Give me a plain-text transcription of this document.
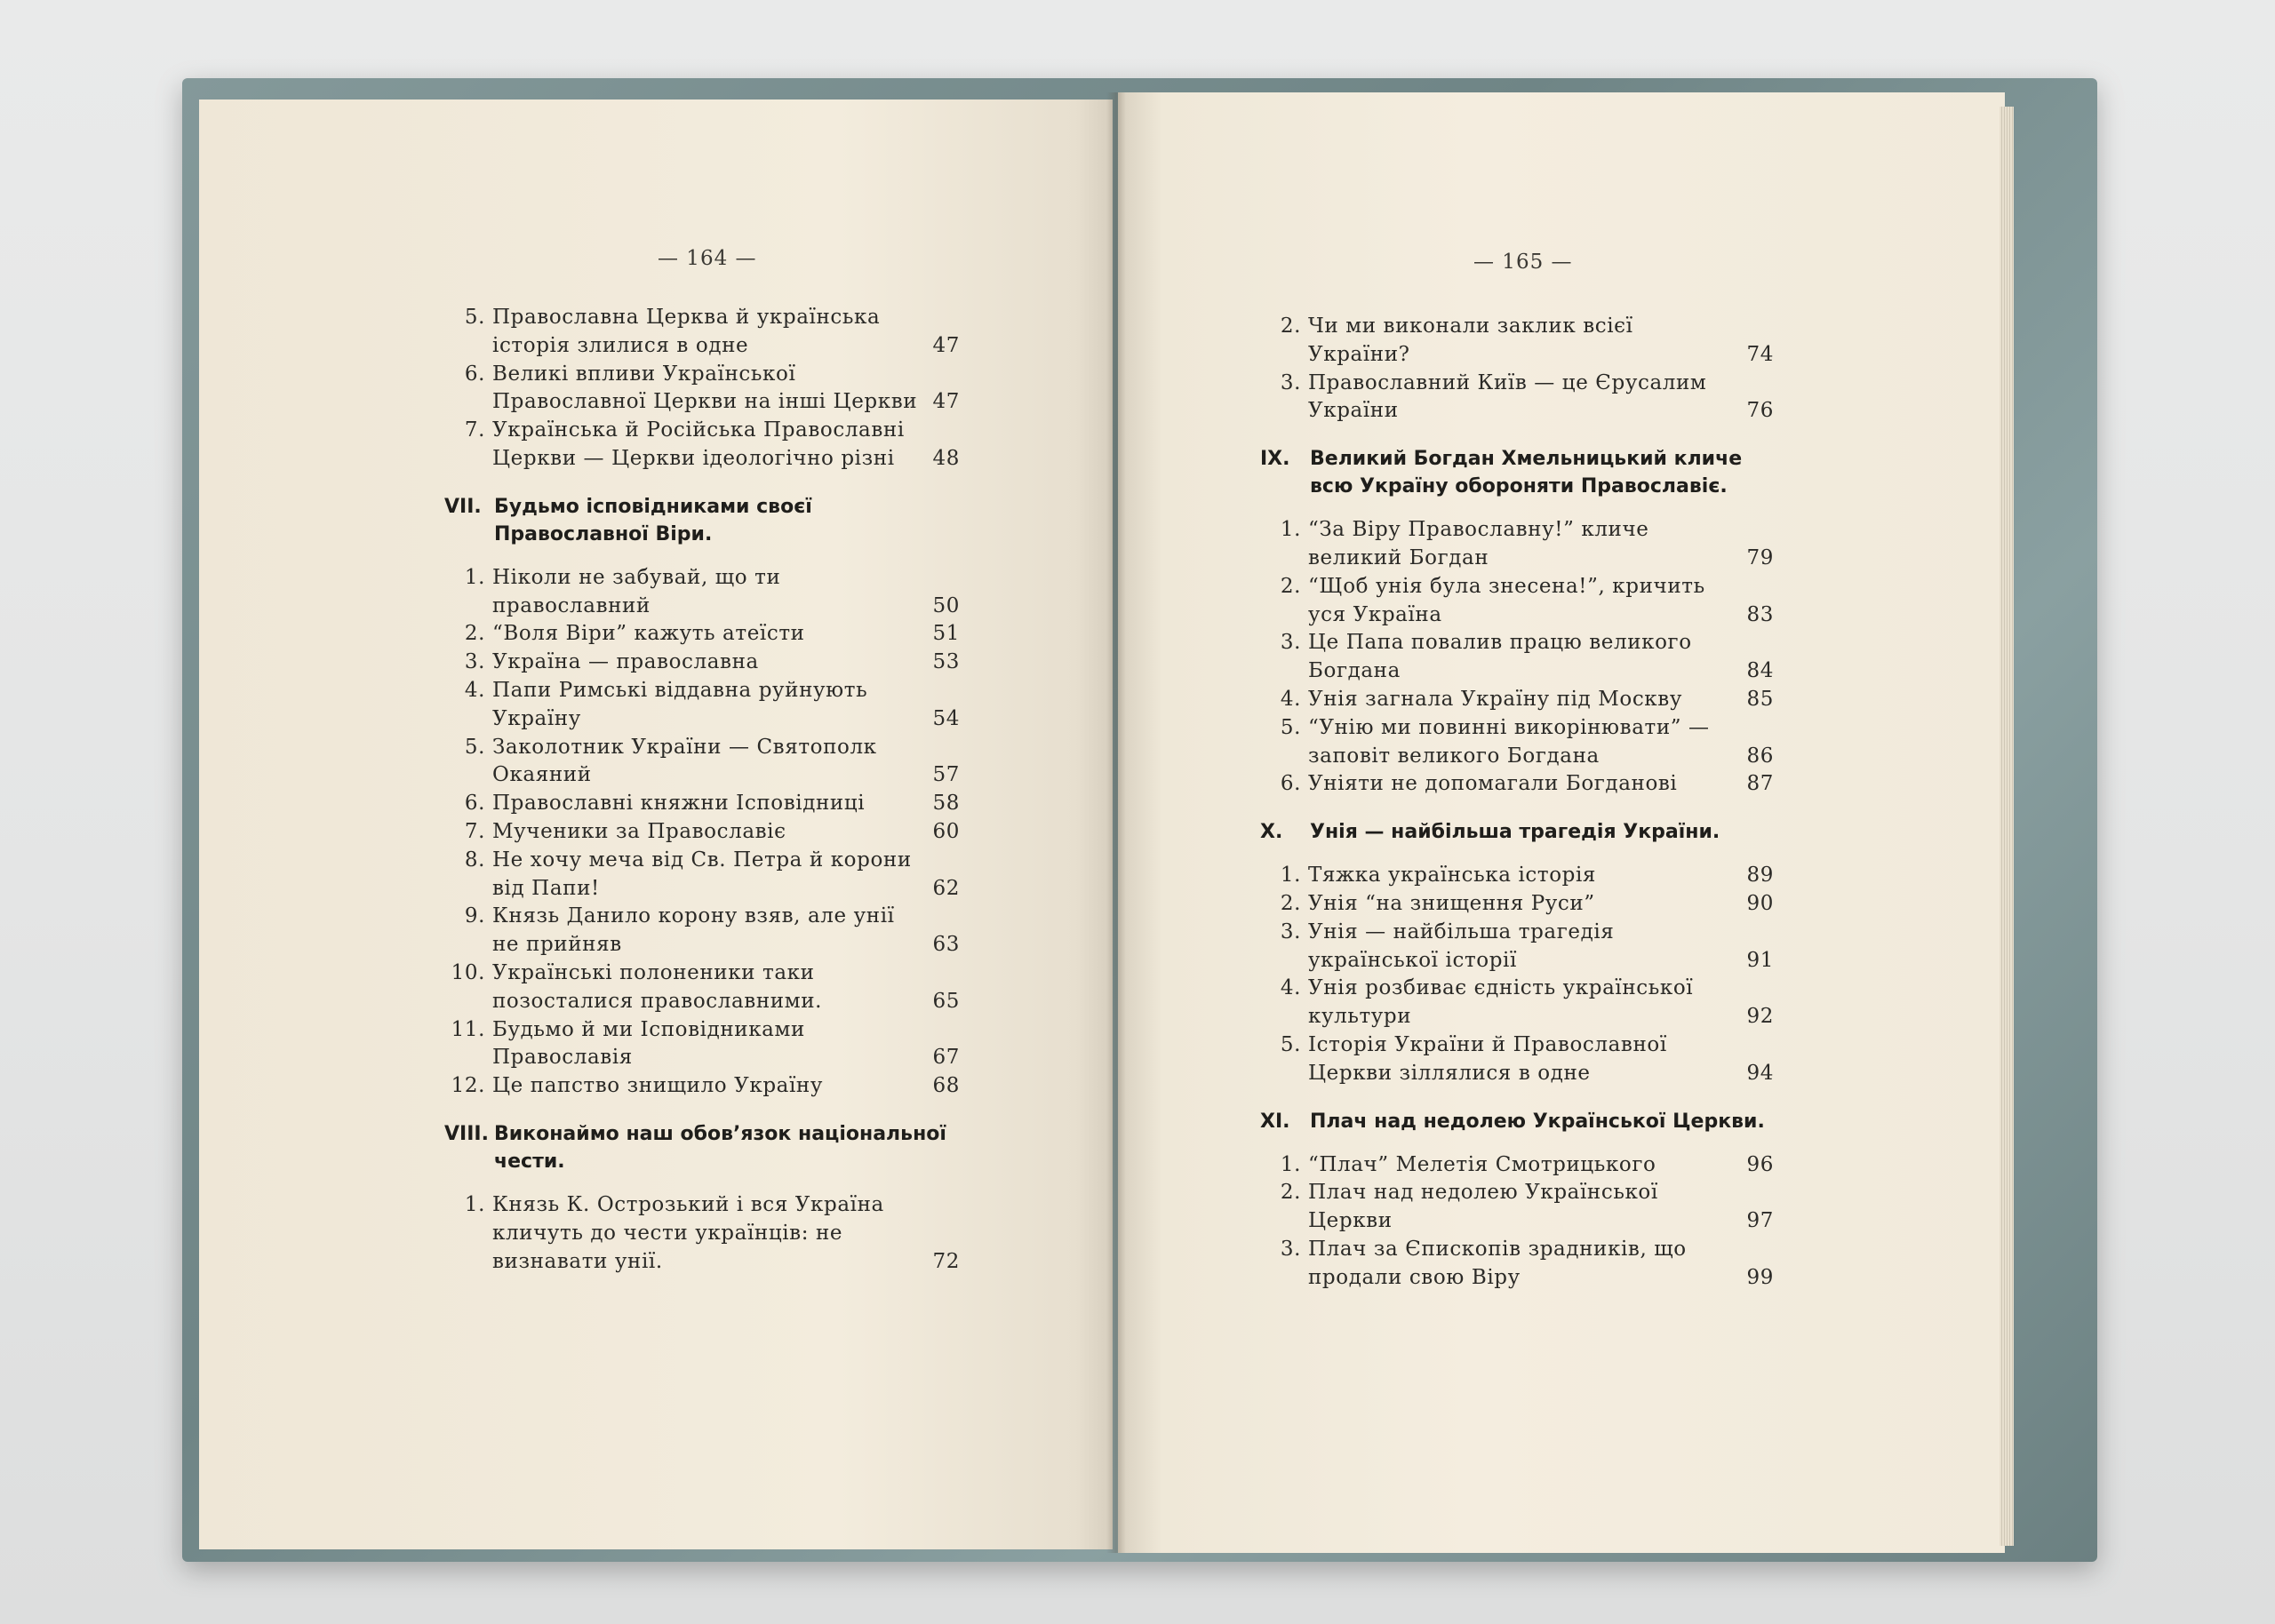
— 164 —
5. Православна Церква й українська історія злилися в одне	47
6. Великі впливи Української Православної Церкви на інші Церкви 47
7. Українська й Російська Православні Церкви — Церкви ідеологічно різні	48
VII. Будьмо ісповідниками своєї Православної Віри.
1. Ніколи не забувай, що ти православний	50
2. “Воля Віри” кажуть атеїсти	51
3. Україна — православна	53
4. Папи Римські віддавна руйнують Україну	54
5. Заколотник України — Святополк Окаяний	57
6. Православні княжни Ісповідниці	58
7. Мученики за Православіє	60
8. Не хочу меча від Св. Петра й корони від Папи!	62
9. Князь Данило корону взяв, але унії не прийняв	63
10. Українські полоненики таки позосталися православними.	65
11. Будьмо й ми Ісповідниками Православія	67
12. Це папство знищило Україну	68
VIII. Виконаймо наш обов’язок національної чести.
1. Князь К. Острозький і вся Україна кличуть до чести українців: не визнавати унії.	72
— 165 —
2. Чи ми виконали заклик всієї України?	74
3. Православний Київ — це Єрусалим України	76
IX.	Великий Богдан Хмельницький кличе всю Україну обороняти Православіє.
1. “За Віру Православну!” кличе великий Богдан	79
2. “Щоб унія була знесена!”, кричить уся Україна	83
3. Це Папа повалив працю великого Богдана	84
4. Унія загнала Україну під Москву	85
5. “Унію ми повинні викорінювати” — заповіт великого Богдана	86
6. Уніяти не допомагали Богданові	87
X.	Унія — найбільша трагедія України.
1. Тяжка українська історія	89
2. Унія “на знищення Руси”	90
3. Унія — найбільша трагедія української історії	91
4. Унія розбиває єдність української культури	92
5. Історія України й Православної Церкви зіллялися в одне	94
XI.	Плач над недолею Української Церкви.
1. “Плач” Мелетія Смотрицького	96
2. Плач над недолею Української Церкви	97
3. Плач за Єпископів зрадників, що продали свою Віру	99
